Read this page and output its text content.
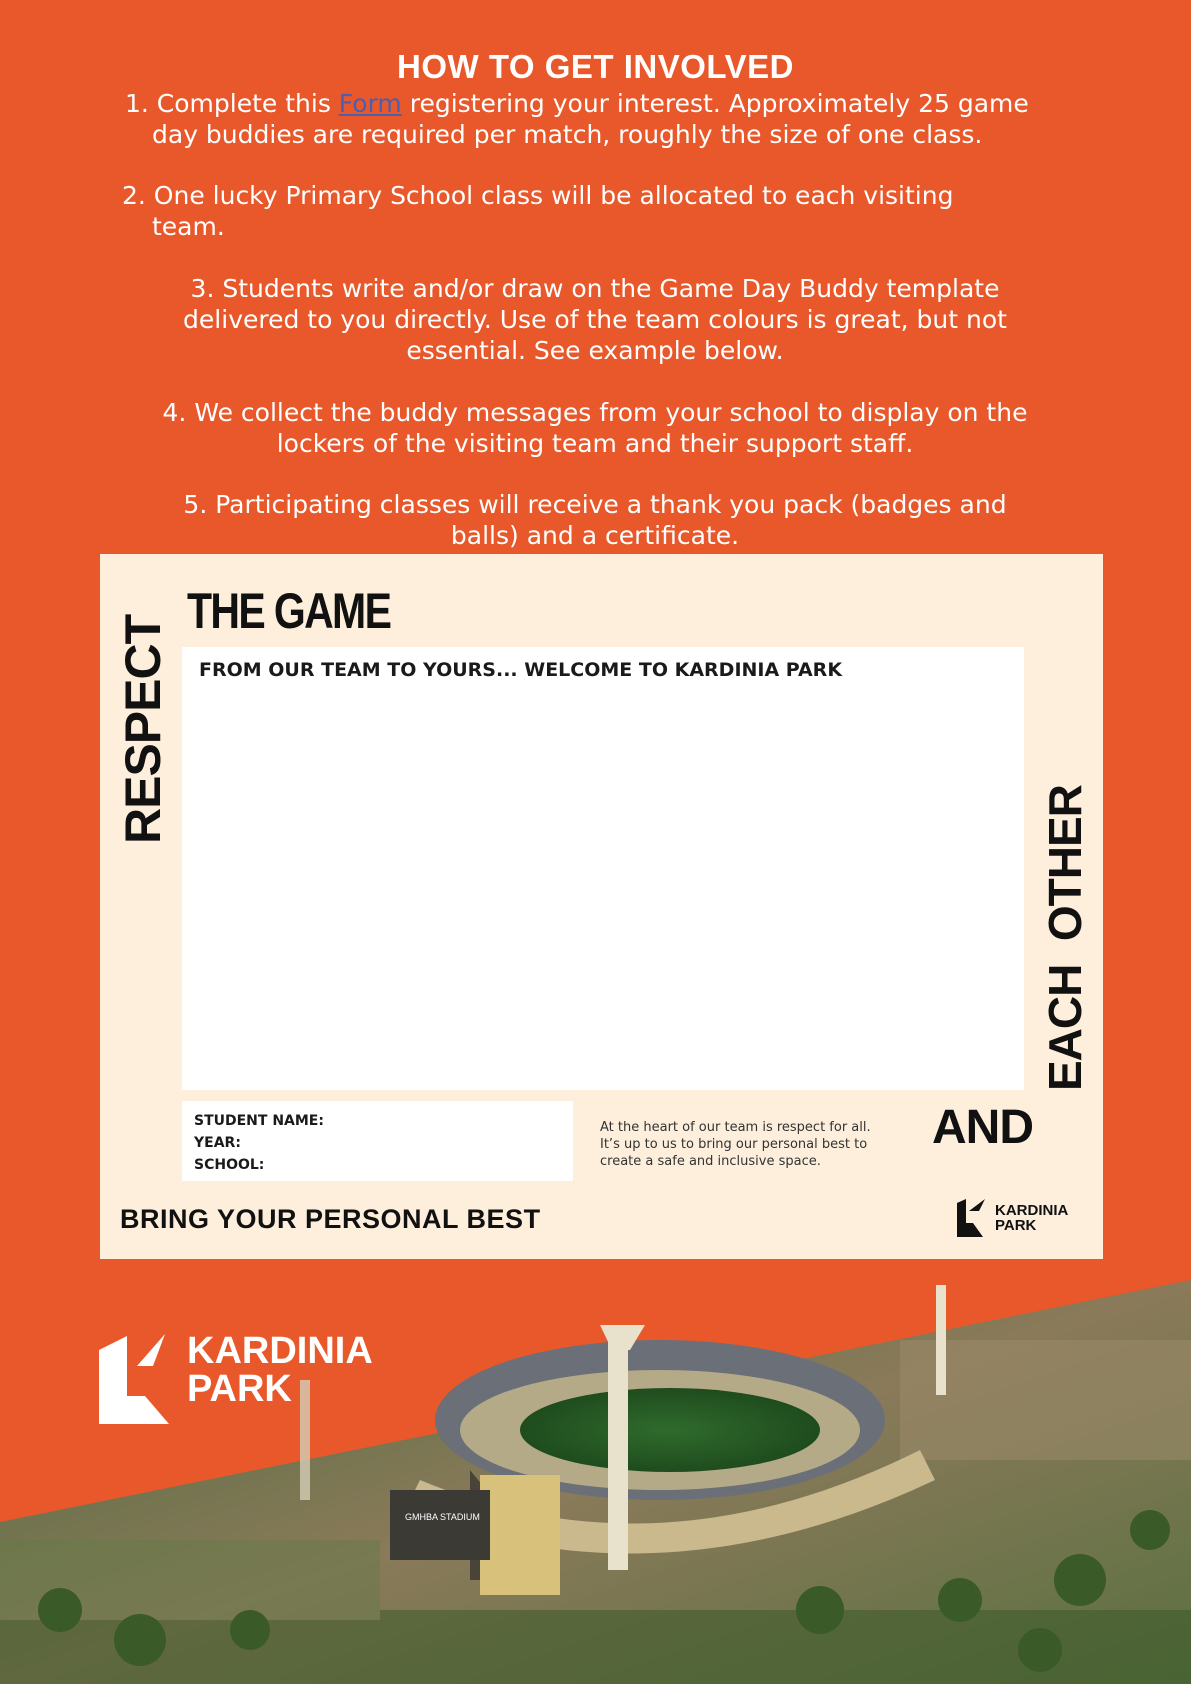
HOW TO GET INVOLVED
1. Complete this Form registering your interest. Approximately 25 game
day buddies are required per match, roughly the size of one class.
2. One lucky Primary School class will be allocated to each visiting
team.
3. Students write and/or draw on the Game Day Buddy template
delivered to you directly. Use of the team colours is great, but not
essential. See example below.
4. We collect the buddy messages from your school to display on the
lockers of the visiting team and their support staff.
5. Participating classes will receive a thank you pack (badges and
balls) and a certificate.
THE GAME
RESPECT FROM OUR TEAM TO YOURS... WELCOME TO KARDINIA PARK
EACH  OTHER
AND
STUDENT NAME:
YEAR:
SCHOOL:
At the heart of our team is respect for all.
It’s up to us to bring our personal best to
create a safe and inclusive space.
BRING YOUR PERSONAL BEST	KARDINIA
PARK
GMHBA STADIUM
KARDINIA
PARK
